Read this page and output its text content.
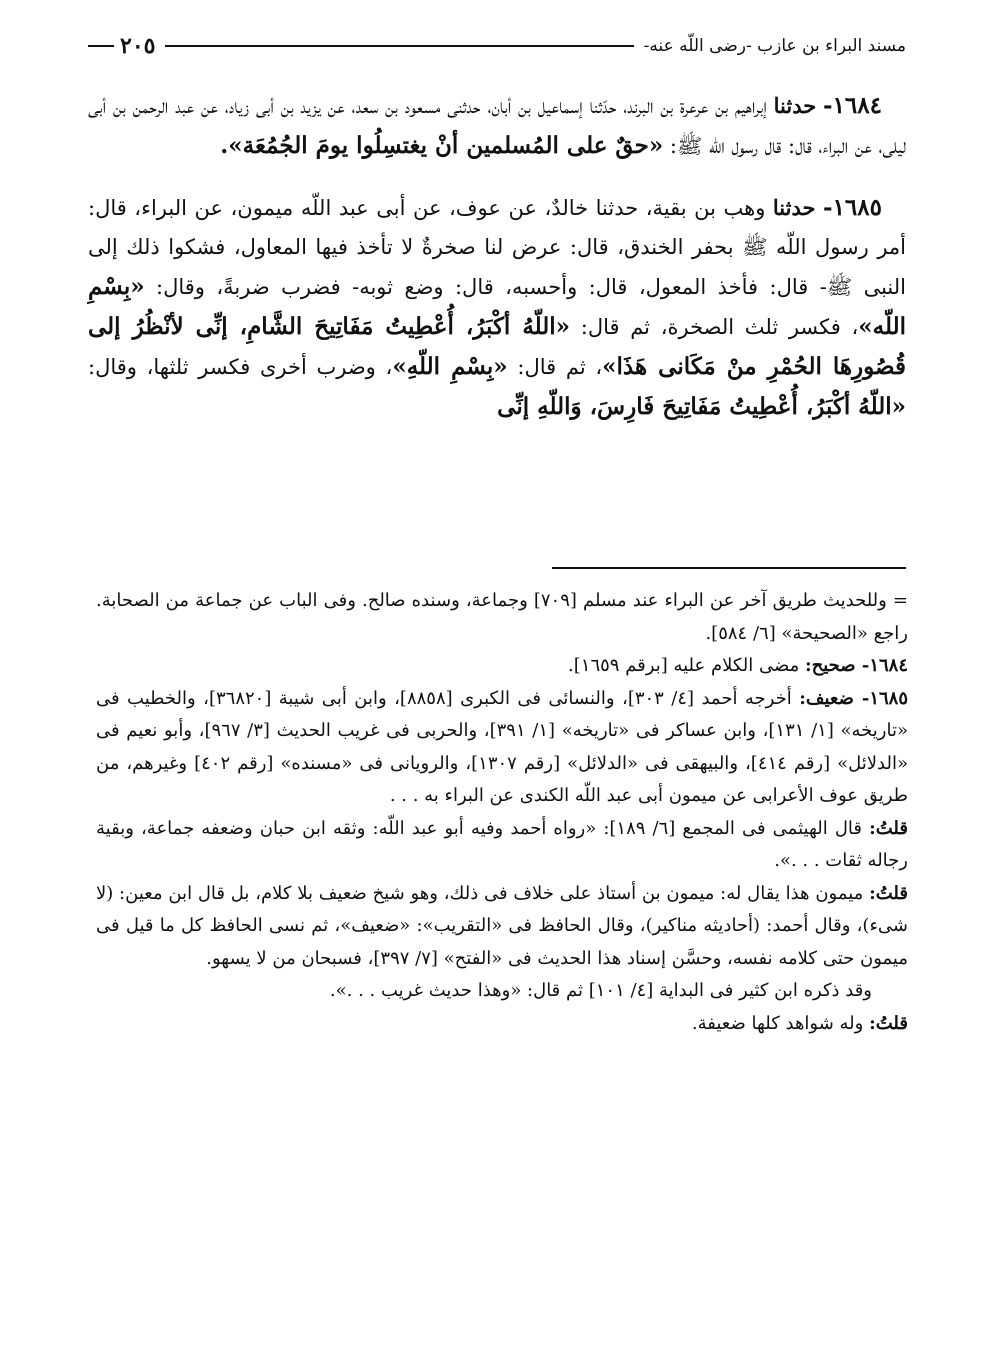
مسند البراء بن عازب -رضى اللّه عنه-
٢٠٥

١٦٨٤- حدثنا إبراهيم بن عرعرة بن البرند، حدّثنا إسماعيل بن أبان، حدثنى مسعود بن سعد، عن يزيد بن أبى زياد، عن عبد الرحمن بن أبى ليلى، عن البراء، قال: قال رسول اللّه ﷺ: «حقٌ على المُسلمين أنْ يغتسِلُوا يومَ الجُمُعَة».

١٦٨٥- حدثنا وهب بن بقية، حدثنا خالدٌ، عن عوف، عن أبى عبد اللّه ميمون، عن البراء، قال: أمر رسول اللّه ﷺ بحفر الخندق، قال: عرض لنا صخرةٌ لا تأخذ فيها المعاول، فشكوا ذلك إلى النبى ﷺ- قال: فأخذ المعول، قال: وأحسبه، قال: وضع ثوبه- فضرب ضربةً، وقال: «بِسْمِ اللّه»، فكسر ثلث الصخرة، ثم قال: «اللّهُ أكْبَرُ، أُعْطِيتُ مَفَاتِيحَ الشَّامِ، إنِّى لأنْظُرُ إلى قُصُورِهَا الحُمْرِ منْ مَكَانى هَذَا»، ثم قال: «بِسْمِ اللّهِ»، وضرب أخرى فكسر ثلثها، وقال: «اللّهُ أكْبَرُ، أُعْطِيتُ مَفَاتِيحَ فَارِسَ، وَاللّهِ إنِّى

= وللحديث طريق آخر عن البراء عند مسلم [٧٠٩] وجماعة، وسنده صالح. وفى الباب عن جماعة من الصحابة. راجع «الصحيحة» [٦/ ٥٨٤].

١٦٨٤- صحيح: مضى الكلام عليه [برقم ١٦٥٩].

١٦٨٥- ضعيف: أخرجه أحمد [٤/ ٣٠٣]، والنسائى فى الكبرى [٨٨٥٨]، وابن أبى شيبة [٣٦٨٢٠]، والخطيب فى «تاريخه» [١/ ١٣١]، وابن عساكر فى «تاريخه» [١/ ٣٩١]، والحربى فى غريب الحديث [٣/ ٩٦٧]، وأبو نعيم فى «الدلائل» [رقم ٤١٤]، والبيهقى فى «الدلائل» [رقم ١٣٠٧]، والرويانى فى «مسنده» [رقم ٤٠٢] وغيرهم، من طريق عوف الأعرابى عن ميمون أبى عبد اللّه الكندى عن البراء به . . .

قلتُ: قال الهيثمى فى المجمع [٦/ ١٨٩]: «رواه أحمد وفيه أبو عبد اللّه: وثقه ابن حبان وضعفه جماعة، وبقية رجاله ثقات . . .».

قلتُ: ميمون هذا يقال له: ميمون بن أستاذ على خلاف فى ذلك، وهو شيخ ضعيف بلا كلام، بل قال ابن معين: (لا شىء)، وقال أحمد: (أحاديثه مناكير)، وقال الحافظ فى «التقريب»: «ضعيف»، ثم نسى الحافظ كل ما قيل فى ميمون حتى كلامه نفسه، وحسَّن إسناد هذا الحديث فى «الفتح» [٧/ ٣٩٧]، فسبحان من لا يسهو.

وقد ذكره ابن كثير فى البداية [٤/ ١٠١] ثم قال: «وهذا حديث غريب . . .».

قلتُ: وله شواهد كلها ضعيفة.
